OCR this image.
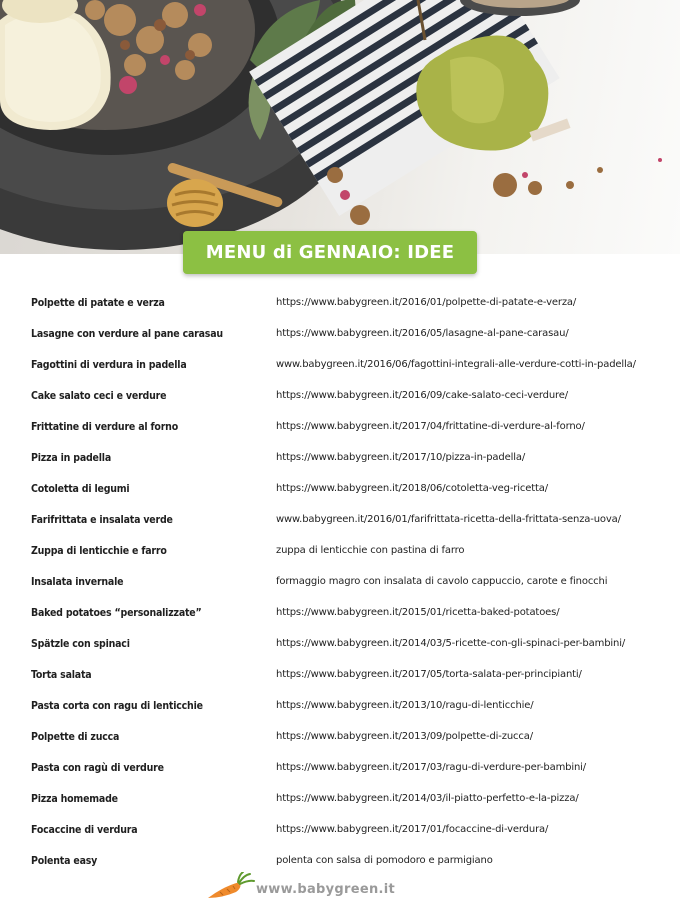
MENU di GENNAIO: IDEE
Polpette di patate e verza	https://www.babygreen.it/2016/01/polpette-di-patate-e-verza/
Lasagne con verdure al pane carasau	https://www.babygreen.it/2016/05/lasagne-al-pane-carasau/
Fagottini di verdura in padella	www.babygreen.it/2016/06/fagottini-integrali-alle-verdure-cotti-in-padella/
Cake salato ceci e verdure	https://www.babygreen.it/2016/09/cake-salato-ceci-verdure/
Frittatine di verdure al forno	https://www.babygreen.it/2017/04/frittatine-di-verdure-al-forno/
Pizza in padella	https://www.babygreen.it/2017/10/pizza-in-padella/
Cotoletta di legumi	https://www.babygreen.it/2018/06/cotoletta-veg-ricetta/
Farifrittata e insalata verde	www.babygreen.it/2016/01/farifrittata-ricetta-della-frittata-senza-uova/
Zuppa di lenticchie e farro	zuppa di lenticchie con pastina di farro
Insalata invernale	formaggio magro con insalata di cavolo cappuccio, carote e finocchi
Baked potatoes “personalizzate”	https://www.babygreen.it/2015/01/ricetta-baked-potatoes/
Spätzle con spinaci	https://www.babygreen.it/2014/03/5-ricette-con-gli-spinaci-per-bambini/
Torta salata	https://www.babygreen.it/2017/05/torta-salata-per-principianti/
Pasta corta con ragu di lenticchie	https://www.babygreen.it/2013/10/ragu-di-lenticchie/
Polpette di zucca	https://www.babygreen.it/2013/09/polpette-di-zucca/
Pasta con ragù di verdure	https://www.babygreen.it/2017/03/ragu-di-verdure-per-bambini/
Pizza homemade	https://www.babygreen.it/2014/03/il-piatto-perfetto-e-la-pizza/
Focaccine di verdura	https://www.babygreen.it/2017/01/focaccine-di-verdura/
Polenta easy	polenta con salsa di pomodoro e parmigiano
www.babygreen.it
